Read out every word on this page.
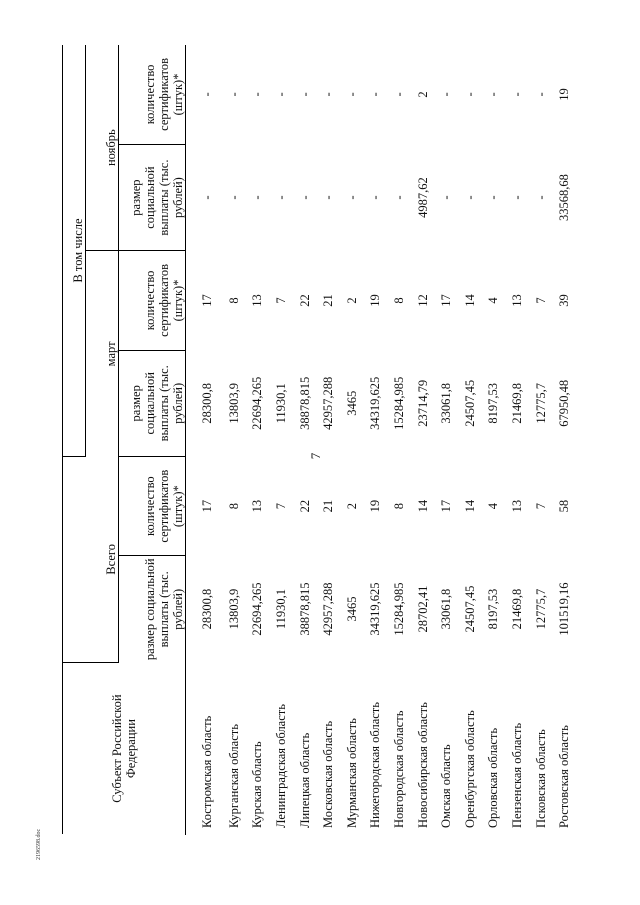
7
2196598.doc
Субъект Российской Федерации	Всего		В том числе			

			март		ноябрь	
	размер социальной выплаты (тыс. рублей)	количество сертификатов (штук)*	размер социальной выплаты (тыс. рублей)	количество сертификатов (штук)*	размер социальной выплаты (тыс. рублей)	количество сертификатов (штук)*
Костромская область	28300,8	17	28300,8	17	-	-
Курганская область	13803,9	8	13803,9	8	-	-
Курская область	22694,265	13	22694,265	13	-	-
Ленинградская область	11930,1	7	11930,1	7	-	-
Липецкая область	38878,815	22	38878,815	22	-	-
Московская область	42957,288	21	42957,288	21	-	-
Мурманская область	3465	2	3465	2	-	-
Нижегородская область	34319,625	19	34319,625	19	-	-
Новгородская область	15284,985	8	15284,985	8	-	-
Новосибирская область	28702,41	14	23714,79	12	4987,62	2
Омская область	33061,8	17	33061,8	17	-	-
Оренбургская область	24507,45	14	24507,45	14	-	-
Орловская область	8197,53	4	8197,53	4	-	-
Пензенская область	21469,8	13	21469,8	13	-	-
Псковская область	12775,7	7	12775,7	7	-	-
Ростовская область	101519,16	58	67950,48	39	33568,68	19
